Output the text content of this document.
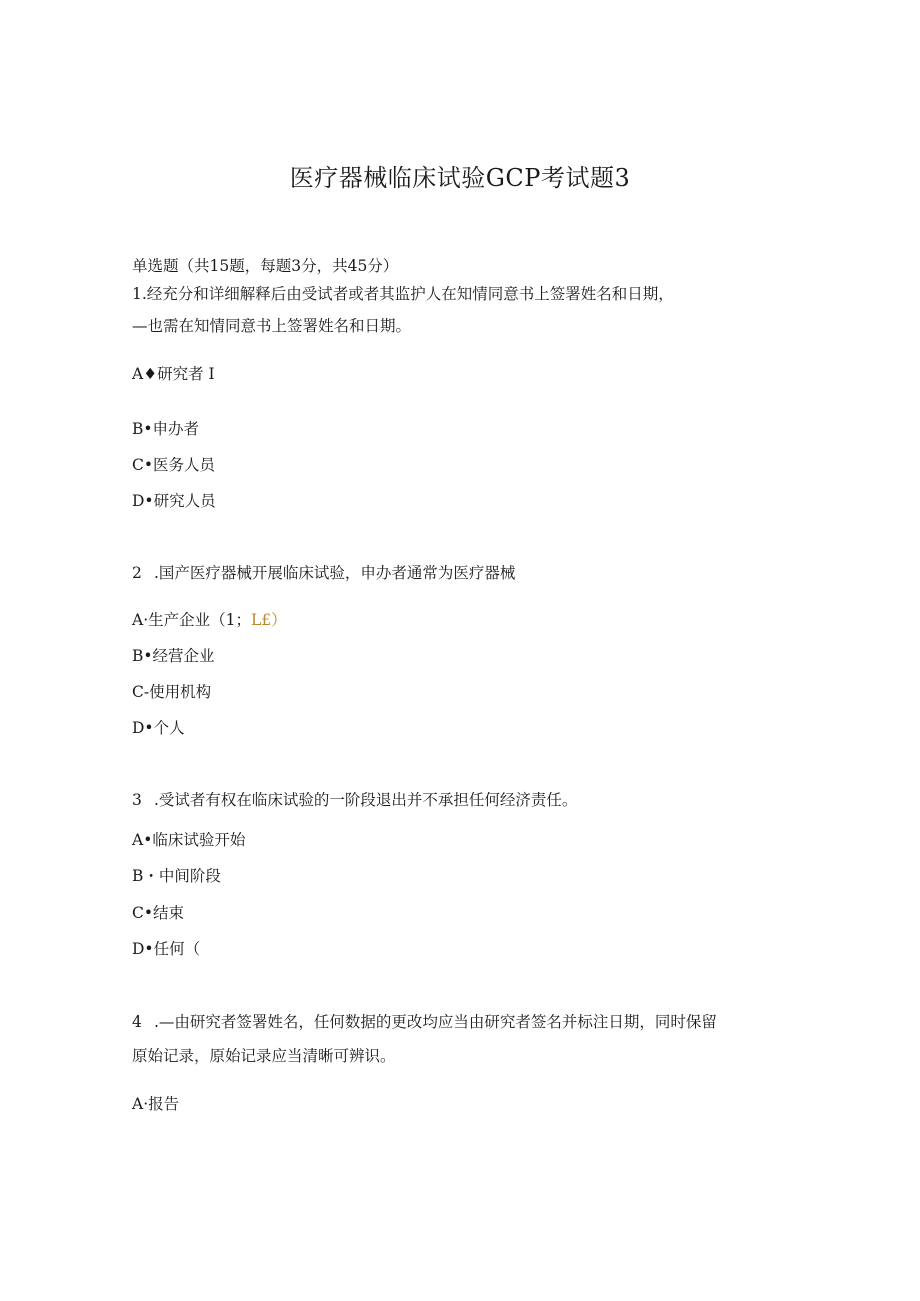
医疗器械临床试验GCP考试题3
单选题（共15题，每题3分，共45分）
1.经充分和详细解释后由受试者或者其监护人在知情同意书上签署姓名和日期，
—也需在知情同意书上签署姓名和日期。
A♦研究者 I
B•申办者
C•医务人员
D•研究人员
2 .国产医疗器械开展临床试验，申办者通常为医疗器械
A·生产企业（1；L£）
B•经营企业
C-使用机构
D•个人
3 .受试者有权在临床试验的一阶段退出并不承担任何经济责任。
A•临床试验开始
B・中间阶段
C•结束
D•任何（
4 .—由研究者签署姓名，任何数据的更改均应当由研究者签名并标注日期，同时保留
原始记录，原始记录应当清晰可辨识。
A·报告
